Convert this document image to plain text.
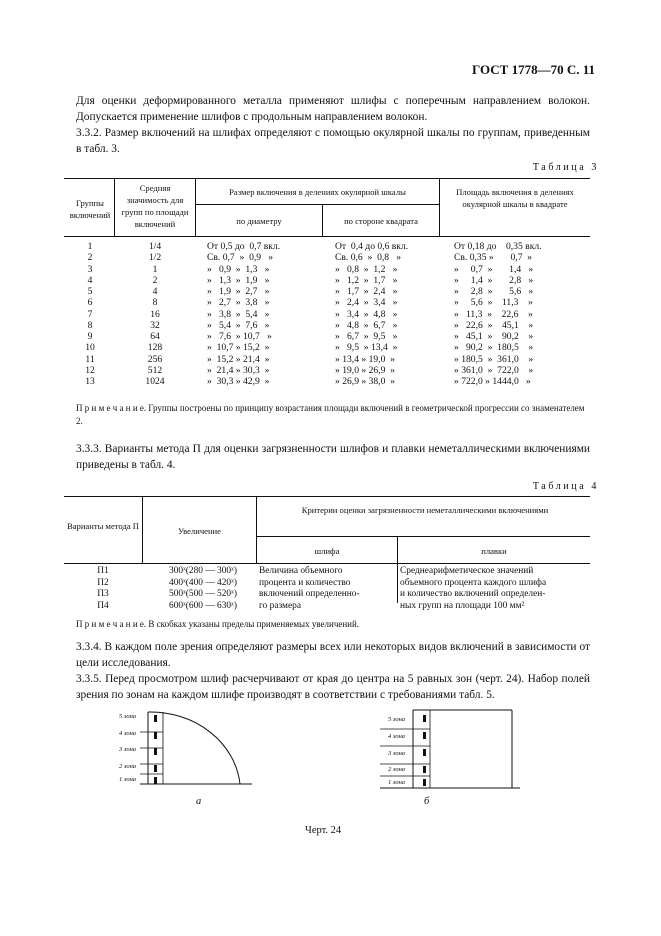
ГОСТ 1778—70 С. 11
Для оценки деформированного металла применяют шлифы с поперечным направлением волокон. Допускается применение шлифов с продольным направлением волокон.
3.3.2. Размер включений на шлифах определяют с помощью окулярной шкалы по группам, приведенным в табл. 3.
Таблица 3
Группы включений
Средняя значимость для групп по площади включений
Размер включения в делениях окулярной шкалы
по диаметру	по стороне квадрата
Площадь включения в делениях окулярной шкалы в квадрате
1	1/4	От 0,5 до  0,7 вкл.	От  0,4 до 0,6 вкл.	От 0,18 до    0,35 вкл.
2	1/2	Св. 0,7  »  0,9   »	Св. 0,6  »  0,8   »	Св. 0,35 »       0,7  »
3	1	»   0,9  »  1,3   »	»   0,8  »  1,2   »	»     0,7  »       1,4   »
4	2	»   1,3  »  1,9   »	»   1,2  »  1,7   »	»     1,4  »       2,8   »
5	4	»   1,9  »  2,7   »	»   1,7  »  2,4   »	»     2,8  »       5,6   »
6	8	»   2,7  »  3,8   »	»   2,4  »  3,4   »	»     5,6  »    11,3    »
7	16	»   3,8  »  5,4   »	»   3,4  »  4,8   »	»   11,3  »    22,6    »
8	32	»   5,4  »  7,6   »	»   4,8  »  6,7   »	»   22,6  »    45,1    »
9	64	»   7,6  » 10,7   »	»   6,7  »  9,5   »	»   45,1  »    90,2    »
10	128	»  10,7 » 15,2  »	»   9,5  » 13,4  »	»   90,2  »  180,5    »
11	256	»  15,2 » 21,4  »	» 13,4 » 19,0  »	» 180,5  »  361,0    »
12	512	»  21,4 » 30,3  »	» 19,0 » 26,9  »	» 361,0  »  722,0    »
13	1024	»  30,3 » 42,9  »	» 26,9 » 38,0  »	» 722,0 » 1444,0   »
П р и м е ч а н и е. Группы построены по принципу возрастания площади включений в геометрической прогрессии со знаменателем 2.
3.3.3. Варианты метода П для оценки загрязненности шлифов и плавки неметаллическими включениями приведены в табл. 4.
Таблица 4
Варианты метода П	Увеличение
Критерии оценки загрязненности неметаллическими включениями
шлифа	плавки
П1	300ˣ(280 — 300ˣ)	Величина объемного	Среднеарифметическое значений
П2	400ˣ(400 — 420ˣ)	процента и количество	объемного процента каждого шлифа
П3	500ˣ(500 — 520ˣ)	включений определенно-	и количество включений определен-
П4	600ˣ(600 — 630ˣ)	го размера	ных групп на площади 100 мм²
П р и м е ч а н и е. В скобках указаны пределы применяемых увеличений.
3.3.4. В каждом поле зрения определяют размеры всех или некоторых видов включений в зависимости от цели исследования.
3.3.5. Перед просмотром шлиф расчерчивают от края до центра на 5 равных зон (черт. 24). Набор полей зрения по зонам на каждом шлифе производят в соответствии с требованиями табл. 5.
5 зона
4 зона
3 зона
2 зона
1 зона
а
5 зона
4 зона
3 зона
2 зона
1 зона
б
Черт. 24
